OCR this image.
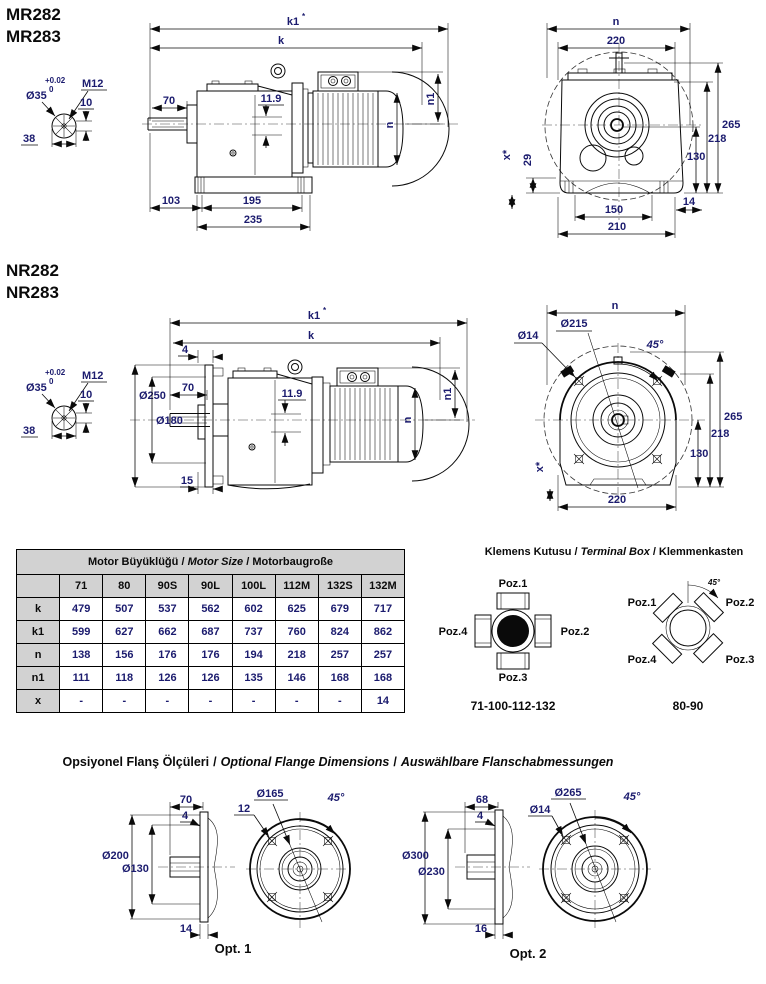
MR282
MR283
+0.02
0
Ø35
M12
10
38
k1 *
k
70	11.9
n
n1
103	195
235
n
220
265
218
130
x* 29
14
150
210
NR282
NR283
+0.02
0
Ø35
M12
10
38
k1 *
k
4
Ø250
Ø180
70	11.9
n
n1
15
n
Ø215
Ø14
45°
265
218
130
x*
220
Motor Büyüklüğü / Motor Size / Motorbaugroße								
	71	80	90S	90L	100L	112M	132S	132M
k	479	507	537	562	602	625	679	717
k1	599	627	662	687	737	760	824	862
n	138	156	176	176	194	218	257	257
n1	111	118	126	126	135	146	168	168
x	-	-	-	-	-	-	-	14
Klemens Kutusu / Terminal Box / Klemmenkasten
Poz.1
Poz.2
Poz.3
Poz.4
71-100-112-132
45°
Poz.1	Poz.2
Poz.3
Poz.4
80-90
Opsiyonel Flanş Ölçüleri / Optional Flange Dimensions / Auswählbare Flanschabmessungen
70
4
Ø200
Ø130
14
Ø165
12
45°
Opt. 1
68
4
Ø300
Ø230
16
Ø265
Ø14
45°
Opt. 2
